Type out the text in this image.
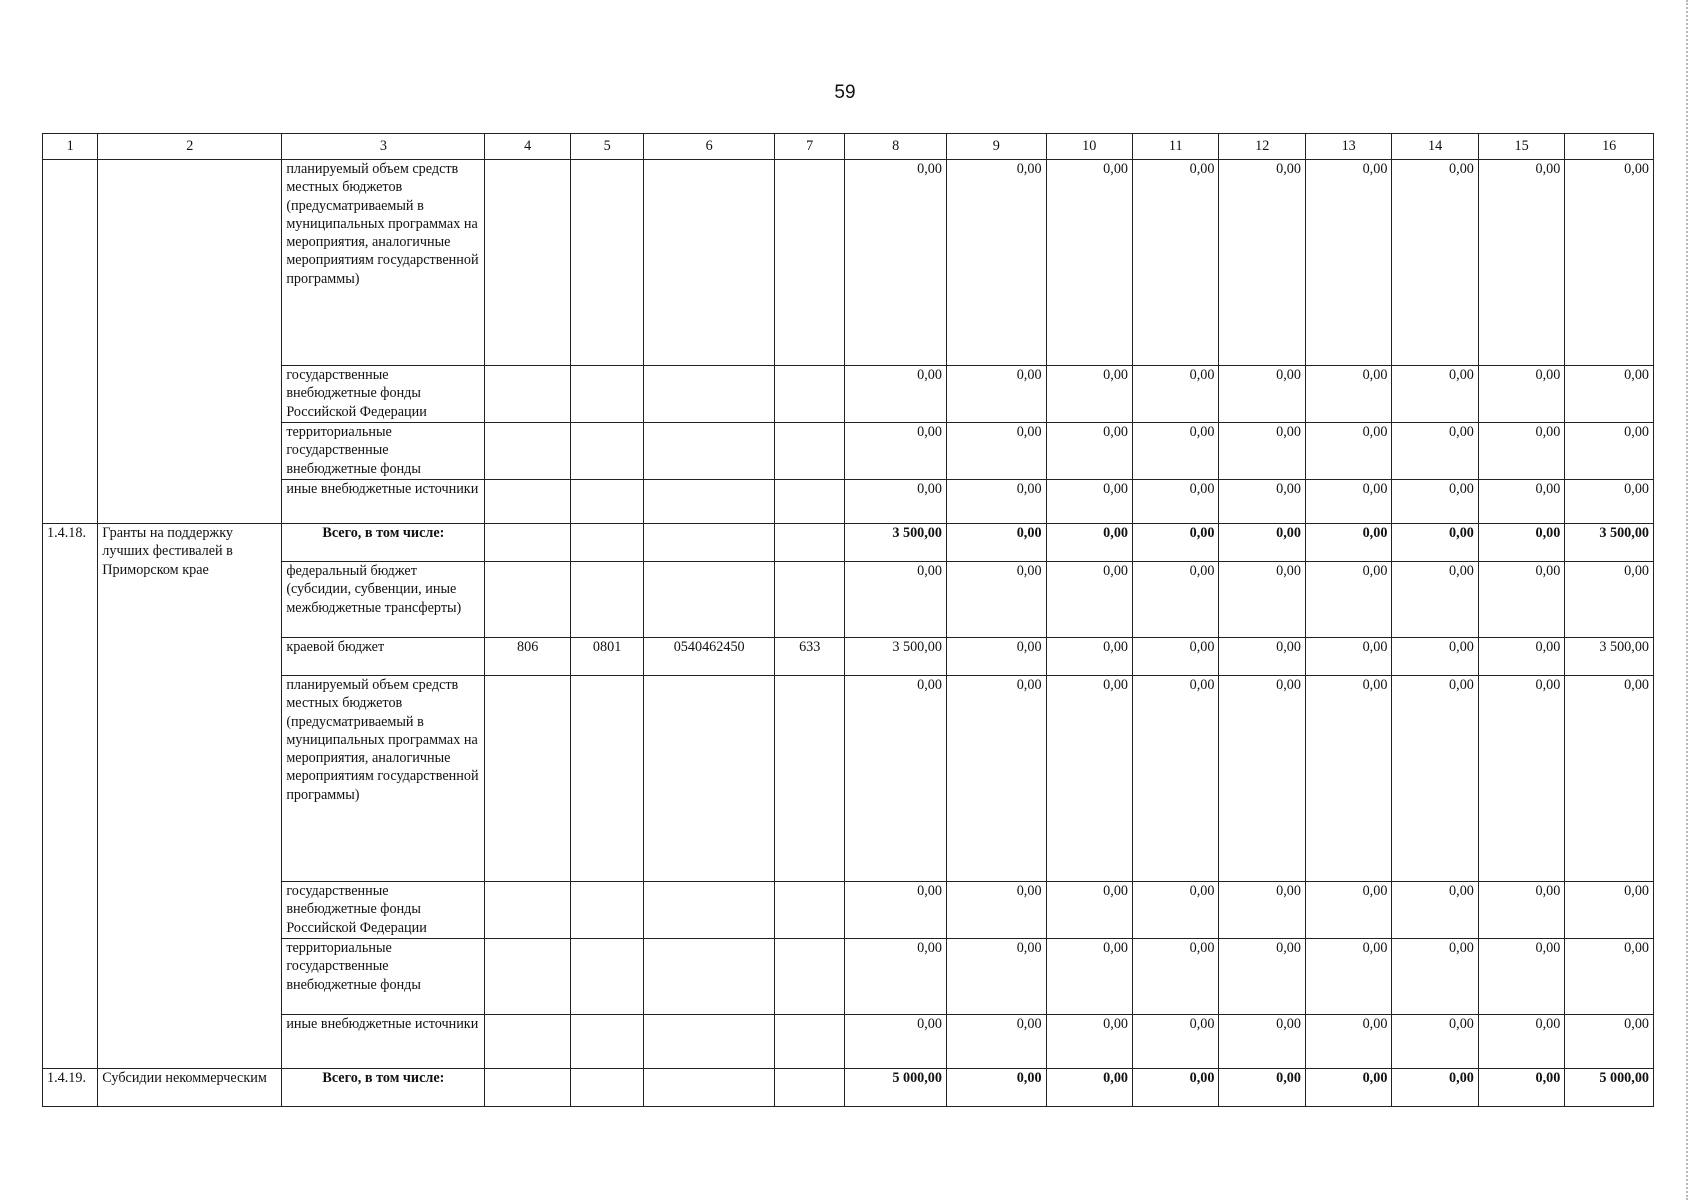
59
1	2	3	4	5	6	7	8	9	10	11	12	13	14	15	16
		планируемый объем средств местных бюджетов (предусматриваемый в муниципальных программах на мероприятия, аналогичные мероприятиям государственной программы)					0,00	0,00	0,00	0,00	0,00	0,00	0,00	0,00	0,00
		государственные внебюджетные фонды Российской Федерации					0,00	0,00	0,00	0,00	0,00	0,00	0,00	0,00	0,00
		территориальные государственные внебюджетные фонды					0,00	0,00	0,00	0,00	0,00	0,00	0,00	0,00	0,00
		иные внебюджетные источники					0,00	0,00	0,00	0,00	0,00	0,00	0,00	0,00	0,00
1.4.18.	Гранты на поддержку лучших фестивалей в Приморском крае	Всего, в том числе:					3 500,00	0,00	0,00	0,00	0,00	0,00	0,00	0,00	3 500,00
		федеральный бюджет (субсидии, субвенции, иные межбюджетные трансферты)					0,00	0,00	0,00	0,00	0,00	0,00	0,00	0,00	0,00
		краевой бюджет	806	0801	0540462450	633	3 500,00	0,00	0,00	0,00	0,00	0,00	0,00	0,00	3 500,00
		планируемый объем средств местных бюджетов (предусматриваемый в муниципальных программах на мероприятия, аналогичные мероприятиям государственной программы)					0,00	0,00	0,00	0,00	0,00	0,00	0,00	0,00	0,00
		государственные внебюджетные фонды Российской Федерации					0,00	0,00	0,00	0,00	0,00	0,00	0,00	0,00	0,00
		территориальные государственные внебюджетные фонды					0,00	0,00	0,00	0,00	0,00	0,00	0,00	0,00	0,00
		иные внебюджетные источники					0,00	0,00	0,00	0,00	0,00	0,00	0,00	0,00	0,00
1.4.19.	Субсидии некоммерческим	Всего, в том числе:					5 000,00	0,00	0,00	0,00	0,00	0,00	0,00	0,00	5 000,00
